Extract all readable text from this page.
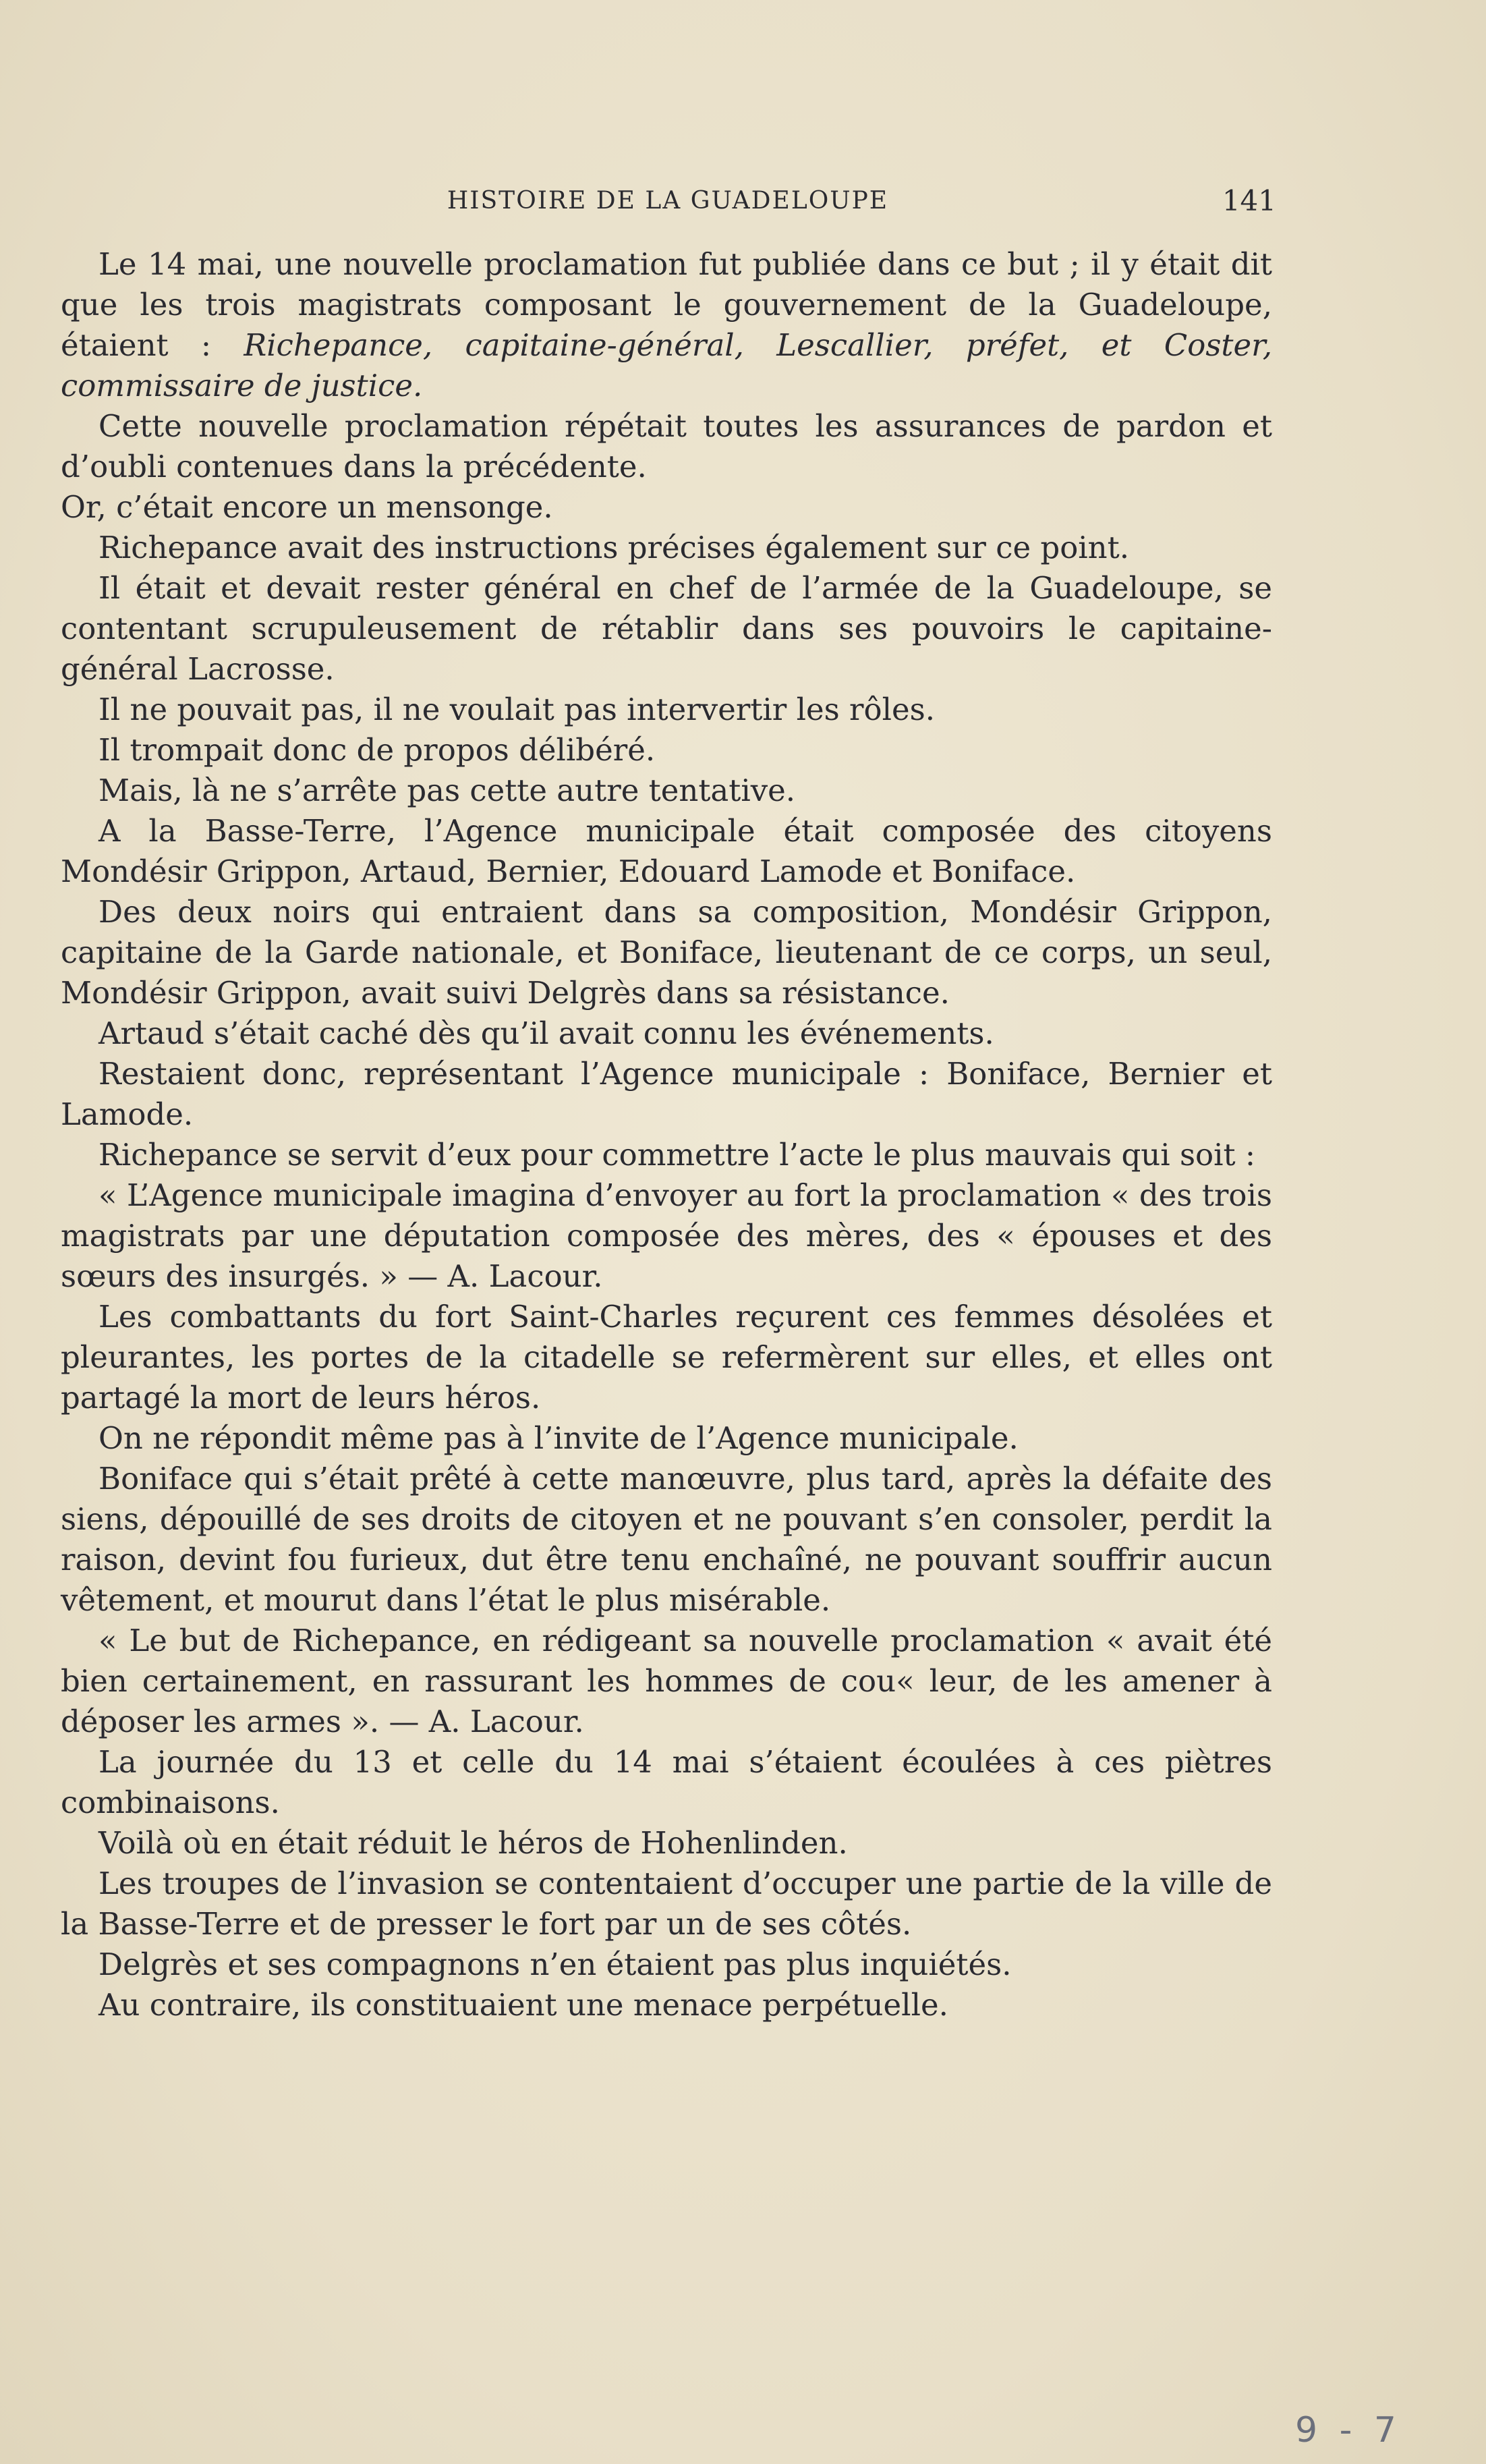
HISTOIRE DE LA GUADELOUPE	141

Le 14 mai, une nouvelle proclamation fut publiée dans ce but ; il y était dit que les trois magistrats composant le gouvernement de la Guadeloupe, étaient : Richepance, capitaine-général, Lescallier, préfet, et Coster, commissaire de justice.

Cette nouvelle proclamation répétait toutes les assurances de pardon et d’oubli contenues dans la précédente.

Or, c’était encore un mensonge.

Richepance avait des instructions précises également sur ce point.

Il était et devait rester général en chef de l’armée de la Guadeloupe, se contentant scrupuleusement de rétablir dans ses pouvoirs le capitaine-général Lacrosse.

Il ne pouvait pas, il ne voulait pas intervertir les rôles.

Il trompait donc de propos délibéré.

Mais, là ne s’arrête pas cette autre tentative.

A la Basse-Terre, l’Agence municipale était composée des citoyens Mondésir Grippon, Artaud, Bernier, Edouard Lamode et Boniface.

Des deux noirs qui entraient dans sa composition, Mondésir Grippon, capitaine de la Garde nationale, et Boniface, lieutenant de ce corps, un seul, Mondésir Grippon, avait suivi Delgrès dans sa résistance.

Artaud s’était caché dès qu’il avait connu les événements.

Restaient donc, représentant l’Agence municipale : Boniface, Bernier et Lamode.

Richepance se servit d’eux pour commettre l’acte le plus mauvais qui soit :

« L’Agence municipale imagina d’envoyer au fort la proclamation « des trois magistrats par une députation composée des mères, des « épouses et des sœurs des insurgés. » — A. Lacour.

Les combattants du fort Saint-Charles reçurent ces femmes désolées et pleurantes, les portes de la citadelle se refermèrent sur elles, et elles ont partagé la mort de leurs héros.

On ne répondit même pas à l’invite de l’Agence municipale.

Boniface qui s’était prêté à cette manœuvre, plus tard, après la défaite des siens, dépouillé de ses droits de citoyen et ne pouvant s’en consoler, perdit la raison, devint fou furieux, dut être tenu enchaîné, ne pouvant souffrir aucun vêtement, et mourut dans l’état le plus misérable.

« Le but de Richepance, en rédigeant sa nouvelle proclamation « avait été bien certainement, en rassurant les hommes de cou« leur, de les amener à déposer les armes ». — A. Lacour.

La journée du 13 et celle du 14 mai s’étaient écoulées à ces piètres combinaisons.

Voilà où en était réduit le héros de Hohenlinden.

Les troupes de l’invasion se contentaient d’occuper une partie de la ville de la Basse-Terre et de presser le fort par un de ses côtés.

Delgrès et ses compagnons n’en étaient pas plus inquiétés.

Au contraire, ils constituaient une menace perpétuelle.

9 - 7
